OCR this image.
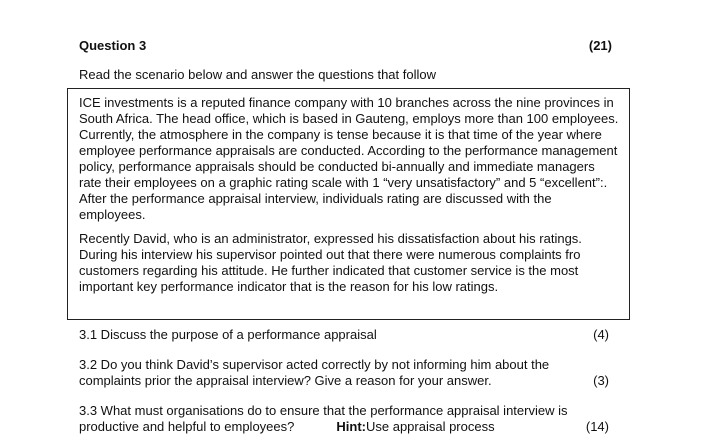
Question 3	(21)
Read the scenario below and answer the questions that follow

ICE investments is a reputed finance company with 10 branches across the nine provinces in South Africa. The head office, which is based in Gauteng, employs more than 100 employees. Currently, the atmosphere in the company is tense because it is that time of the year where employee performance appraisals are conducted. According to the performance management policy, performance appraisals should be conducted bi-annually and immediate managers rate their employees on a graphic rating scale with 1 “very unsatisfactory” and 5 “excellent”:. After the performance appraisal interview, individuals rating are discussed with the employees.

Recently David, who is an administrator, expressed his dissatisfaction about his ratings. During his interview his supervisor pointed out that there were numerous complaints fro customers regarding his attitude. He further indicated that customer service is the most important key performance indicator that is the reason for his low ratings.

3.1 Discuss the purpose of a performance appraisal	(4)
3.2 Do you think David’s supervisor acted correctly by not informing him about the complaints prior the appraisal interview? Give a reason for your answer.	(3)
3.3 What must organisations do to ensure that the performance appraisal interview is productive and helpful to employees?	Hint:Use appraisal process	(14)
